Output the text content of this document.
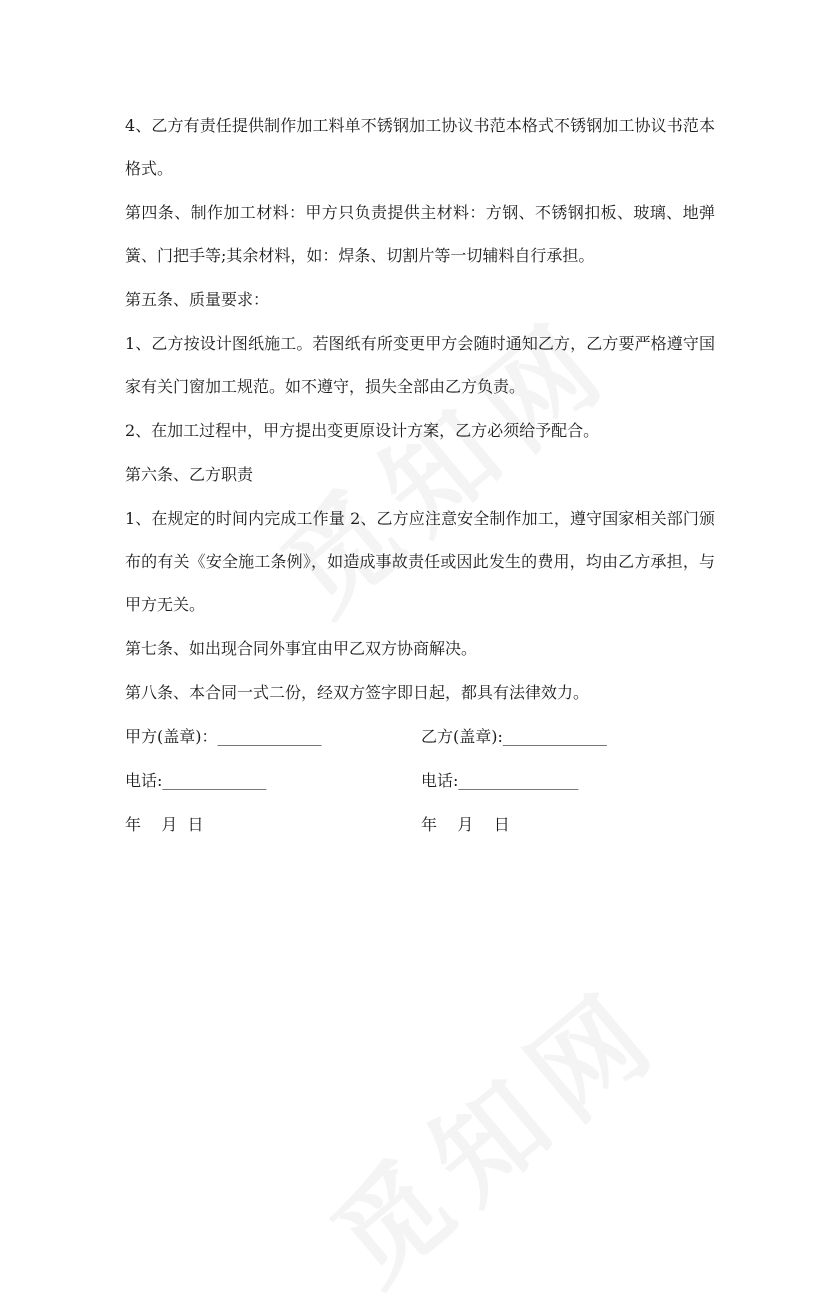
4、乙方有责任提供制作加工料单不锈钢加工协议书范本格式不锈钢加工协议书范本格式。

第四条、制作加工材料：甲方只负责提供主材料：方钢、不锈钢扣板、玻璃、地弹簧、门把手等;其余材料，如：焊条、切割片等一切辅料自行承担。

第五条、质量要求：

1、乙方按设计图纸施工。若图纸有所变更甲方会随时通知乙方，乙方要严格遵守国家有关门窗加工规范。如不遵守，损失全部由乙方负责。

2、在加工过程中，甲方提出变更原设计方案，乙方必须给予配合。

第六条、乙方职责

1、在规定的时间内完成工作量 2、乙方应注意安全制作加工，遵守国家相关部门颁布的有关《安全施工条例》，如造成事故责任或因此发生的费用，均由乙方承担，与甲方无关。

第七条、如出现合同外事宜由甲乙双方协商解决。

第八条、本合同一式二份，经双方签字即日起，都具有法律效力。

甲方(盖章)：_____________	乙方(盖章):_____________
电话:_____________	电话:_______________
年    月  日	年    月    日
